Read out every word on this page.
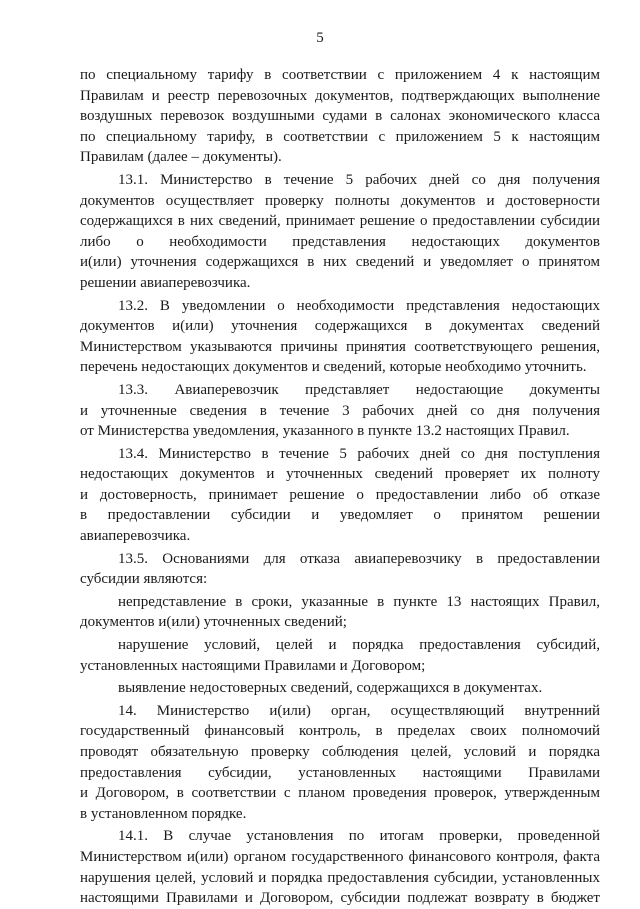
5
по специальному тарифу в соответствии с приложением 4 к настоящим
Правилам и реестр перевозочных документов, подтверждающих выполнение
воздушных перевозок воздушными судами в салонах экономического класса
по специальному тарифу, в соответствии с приложением 5 к настоящим
Правилам (далее – документы).
13.1. Министерство в течение 5 рабочих дней со дня получения
документов осуществляет проверку полноты документов и достоверности
содержащихся в них сведений, принимает решение о предоставлении субсидии
либо о необходимости представления недостающих документов
и(или) уточнения содержащихся в них сведений и уведомляет о принятом
решении авиаперевозчика.
13.2. В уведомлении о необходимости представления недостающих
документов и(или) уточнения содержащихся в документах сведений
Министерством указываются причины принятия соответствующего решения,
перечень недостающих документов и сведений, которые необходимо уточнить.
13.3. Авиаперевозчик представляет недостающие документы
и уточненные сведения в течение 3 рабочих дней со дня получения
от Министерства уведомления, указанного в пункте 13.2 настоящих Правил.
13.4. Министерство в течение 5 рабочих дней со дня поступления
недостающих документов и уточненных сведений проверяет их полноту
и достоверность, принимает решение о предоставлении либо об отказе
в предоставлении субсидии и уведомляет о принятом решении
авиаперевозчика.
13.5. Основаниями для отказа авиаперевозчику в предоставлении
субсидии являются:
непредставление в сроки, указанные в пункте 13 настоящих Правил,
документов и(или) уточненных сведений;
нарушение условий, целей и порядка предоставления субсидий,
установленных настоящими Правилами и Договором;
выявление недостоверных сведений, содержащихся в документах.
14. Министерство и(или) орган, осуществляющий внутренний
государственный финансовый контроль, в пределах своих полномочий
проводят обязательную проверку соблюдения целей, условий и порядка
предоставления субсидии, установленных настоящими Правилами
и Договором, в соответствии с планом проведения проверок, утвержденным
в установленном порядке.
14.1. В случае установления по итогам проверки, проведенной
Министерством и(или) органом государственного финансового контроля, факта
нарушения целей, условий и порядка предоставления субсидии, установленных
настоящими Правилами и Договором, субсидии подлежат возврату в бюджет
